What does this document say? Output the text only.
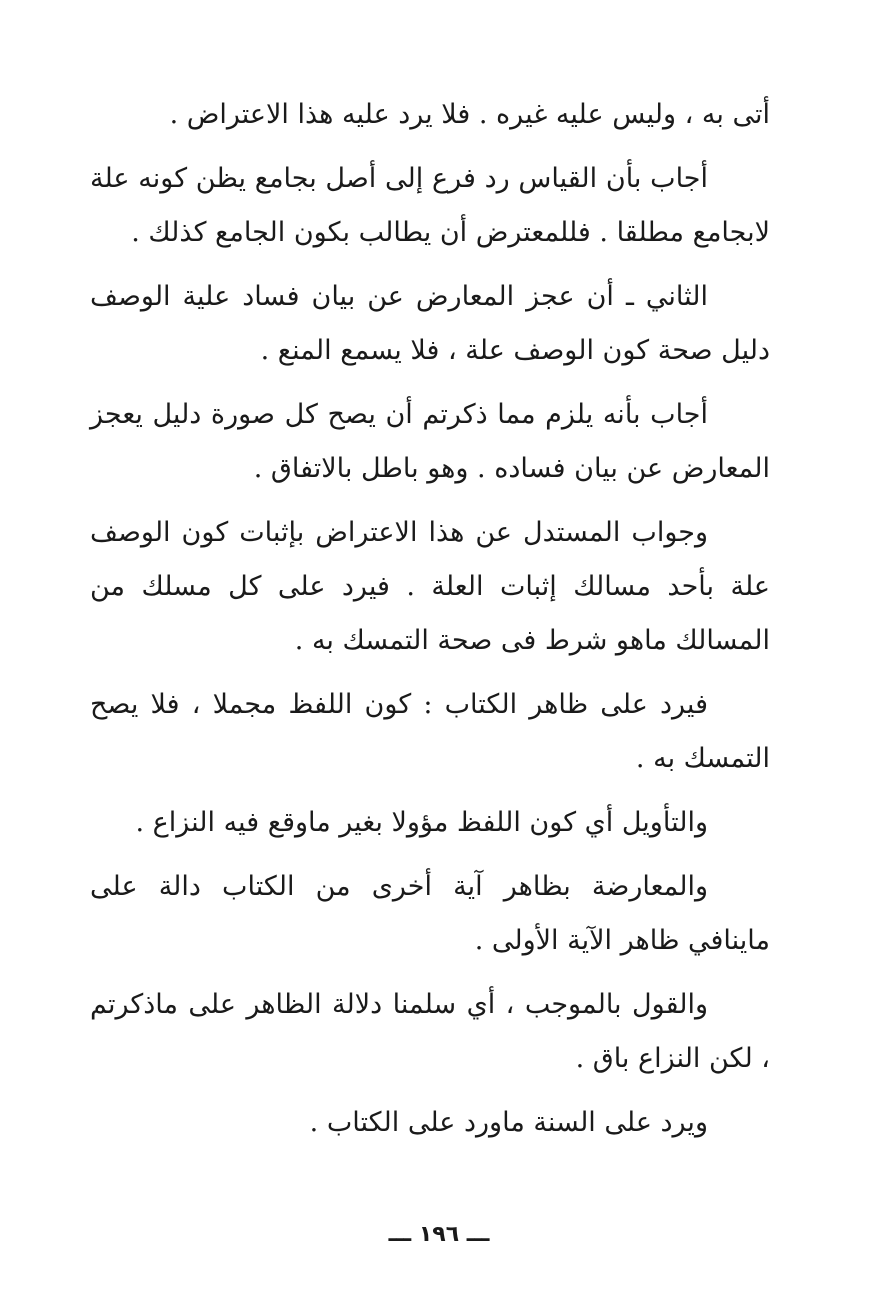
أتى به ، وليس عليه غيره . فلا يرد عليه هذا الاعتراض .

أجاب بأن القياس رد فرع إلى أصل بجامع يظن كونه علة لابجامع مطلقا . فللمعترض أن يطالب بكون الجامع كذلك .

الثاني ـ أن عجز المعارض عن بيان فساد علية الوصف دليل صحة كون الوصف علة ، فلا يسمع المنع .

أجاب بأنه يلزم مما ذكرتم أن يصح كل صورة دليل يعجز المعارض عن بيان فساده . وهو باطل بالاتفاق .

وجواب المستدل عن هذا الاعتراض بإثبات كون الوصف علة بأحد مسالك إثبات العلة . فيرد على كل مسلك من المسالك ماهو شرط فى صحة التمسك به .

فيرد على ظاهر الكتاب : كون اللفظ مجملا ، فلا يصح التمسك به .

والتأويل أي كون اللفظ مؤولا بغير ماوقع فيه النزاع .

والمعارضة بظاهر آية أخرى من الكتاب دالة على ماينافي ظاهر الآية الأولى .

والقول بالموجب ، أي سلمنا دلالة الظاهر على ماذكرتم ، لكن النزاع باق .

ويرد على السنة ماورد على الكتاب .

ـــ ١٩٦ ـــ
